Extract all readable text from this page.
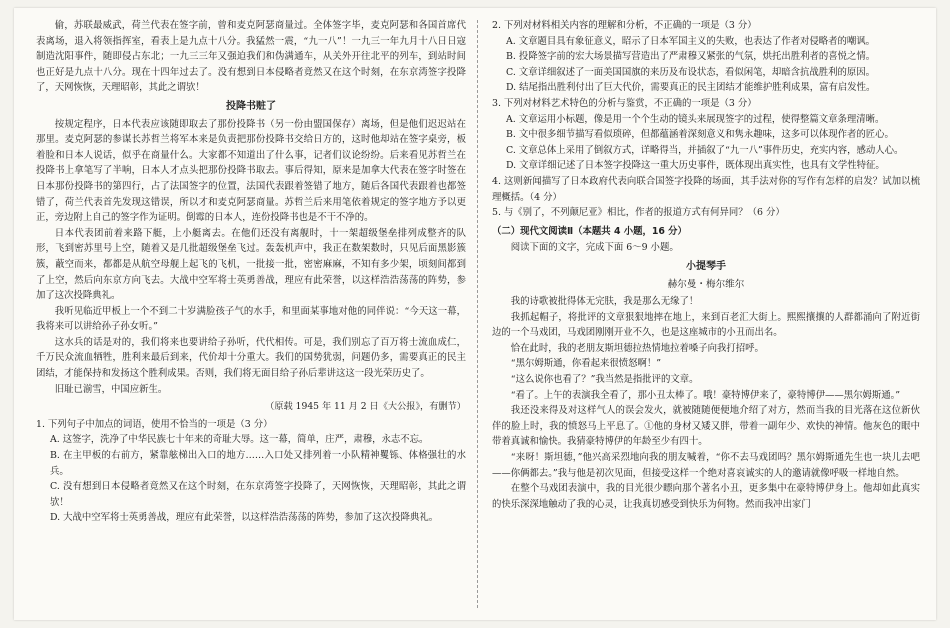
偷，苏联最威武，荷兰代表在签字前，曾和麦克阿瑟商量过。全体签字毕，麦克阿瑟和各国首席代表离场，退入将领指挥室，看表上是九点十八分。我猛然一震，“九一八”！一九三一年九月十八日日寇制造沈阳事件，随即侵占东北；一九三三年又强迫我们和伪满通车，从关外开往北平的列车，到站时间也正好是九点十八分。现在十四年过去了。没有想到日本侵略者竟然又在这个时刻，在东京湾签字投降了，天网恢恢，天理昭彰，其此之谓欤！

投降书赃了

按规定程序，日本代表应该随即取去了那份投降书（另一份由盟国保存）离场，但是他们迟迟站在那里。麦克阿瑟的参谋长苏哲兰将军本来是负责把那份投降书交给日方的，这时他却站在签字桌旁，板着脸和日本人说话，似乎在商量什么。大家都不知道出了什么事，记者们议论纷纷。后来看见苏哲兰在投降书上拿笔写了半响，日本人才点头把那份投降书取去。事后得知，原来是加拿大代表在签字时签在日本那份投降书的第四行，占了法国签字的位置，法国代表跟着签错了地方，随后各国代表跟着也都签错了，荷兰代表首先发现这错误，所以才和麦克阿瑟商量。苏哲兰后来用笔依着规定的签字地方予以更正，旁边附上自己的签字作为证明。倒霉的日本人，连份投降书也是不干不净的。

日本代表团前着来路下艇，上小艇离去。在他们还没有离舰时，十一架超级堡垒排列成整齐的队形，飞到密苏里号上空，随着又是几批超级堡垒飞过。轰轰机声中，我正在数架数时，只见后面黑影簇簇，蔽空而来，都都是从航空母舰上起飞的飞机，一批接一批，密密麻麻，不知有多少架，顷刻间都到了上空，然后向东京方向飞去。大战中空军将士英勇善战，理应有此荣誉，以这样浩浩荡荡的阵势，参加了这次投降典礼。

我听见临近甲板上一个不到二十岁满脸孩子气的水手，和里面某事地对他的同伴说：“今天这一幕，我将来可以讲给孙子孙女听。”

这水兵的话是对的，我们将来也要讲给子孙听，代代相传。可是，我们别忘了百万将士流血成仁，千万民众流血牺牲，胜利来最后到来，代价却十分重大。我们的国势犹弱，问题仍多，需要真正的民主团结，才能保持和发扬这个胜利成果。否则，我们将无面目给子孙后辈讲这这一段光荣历史了。

旧耻已湔雪，中国应新生。

（原载 1945 年 11 月 2 日《大公报》，有删节）

1. 下列句子中加点的词语，使用不恰当的一项是（3 分）

A. 这签字，洗净了中华民族七十年来的奇耻大辱。这一幕，简单，庄严，肃穆，永志不忘。

B. 在主甲板的右前方，紧靠舷梯出入口的地方……入口处又排列着一小队精神矍铄、体格强壮的水兵。

C. 没有想到日本侵略者竟然又在这个时刻，在东京湾签字投降了，天网恢恢，天理昭彰，其此之谓欤！

D. 大战中空军将士英勇善战，理应有此荣誉，以这样浩浩荡荡的阵势，参加了这次投降典礼。

2. 下列对材料相关内容的理解和分析，不正确的一项是（3 分）

A. 文章题目具有象征意义，昭示了日本军国主义的失败，也表达了作者对侵略者的嘲讽。

B. 投降签字前的宏大场景描写营造出了严肃穆又紧张的气氛，烘托出胜利者的喜悦之情。

C. 文章详细叙述了一面美国国旗的来历及布设状态，看似闲笔，却暗含抗战胜利的原因。

D. 结尾指出胜利付出了巨大代价，需要真正的民主团结才能维护胜利成果，富有启发性。

3. 下列对材料艺术特色的分析与鉴赏，不正确的一项是（3 分）

A. 文章运用小标题，像是用一个个生动的镜头来展现签字的过程，使得整篇文章条理清晰。

B. 文中很多细节描写看似琐碎，但都蕴涵着深刻意义和隽永趣味，这多可以体现作者的匠心。

C. 文章总体上采用了倒叙方式，详略得当，并插叙了“九一八”事件历史，充实内容，感动人心。

D. 文章详细记述了日本签字投降这一重大历史事件，既体现出真实性，也具有文学性特征。

4. 这则新闻描写了日本政府代表向联合国签字投降的场面，其手法对你的写作有怎样的启发？试加以梳理概括。（4 分）

5. 与《别了，不列颠尼亚》相比，作者的报道方式有何异同？（6 分）

（二）现代文阅读Ⅱ（本题共 4 小题，16 分）

阅读下面的文字，完成下面 6～9 小题。

小提琴手
赫尔曼・梅尔维尔

我的诗歌被批得体无完肤，我是那么无缘了！

我抓起帽子，将批评的文章狠狠地摔在地上，来到百老汇大街上。熙熙攘攘的人群都涌向了附近街边的一个马戏团，马戏团刚刚开业不久，也是这座城市的小丑而出名。

恰在此时，我的老朋友斯坦德拉热情地拉着嗓子向我打招呼。

“黑尔姆斯通，你看起来很愤怒啊！”

“这么说你也看了？”我当然是指批评的文章。

“看了。上午的表演我全看了，那小丑太棒了。哦！豪特博伊来了，豪特博伊——黑尔姆斯通。”

我还没来得及对这样气人的误会发火，就被随随便便地介绍了对方，然而当我的目光落在这位新伙伴的脸上时，我的愤怒马上平息了。①他的身材又矮又胖，带着一副年少、欢快的神情。他灰色的眼中带着真诚和愉快。我猜豪特博伊的年龄至少有四十。

“来呀！斯坦德，”他兴高采烈地向我的朋友喊着，“你不去马戏团吗？黑尔姆斯通先生也一块儿去吧——你俩都去。”我与他是初次见面，但接受这样一个绝对喜哀诚实的人的邀请就像呼吸一样地自然。

在整个马戏团表演中，我的目光很少瞟向那个著名小丑，更多集中在豪特博伊身上。他却如此真实的快乐深深地触动了我的心灵，让我真切感受到快乐为何物。然而我冲出家门
